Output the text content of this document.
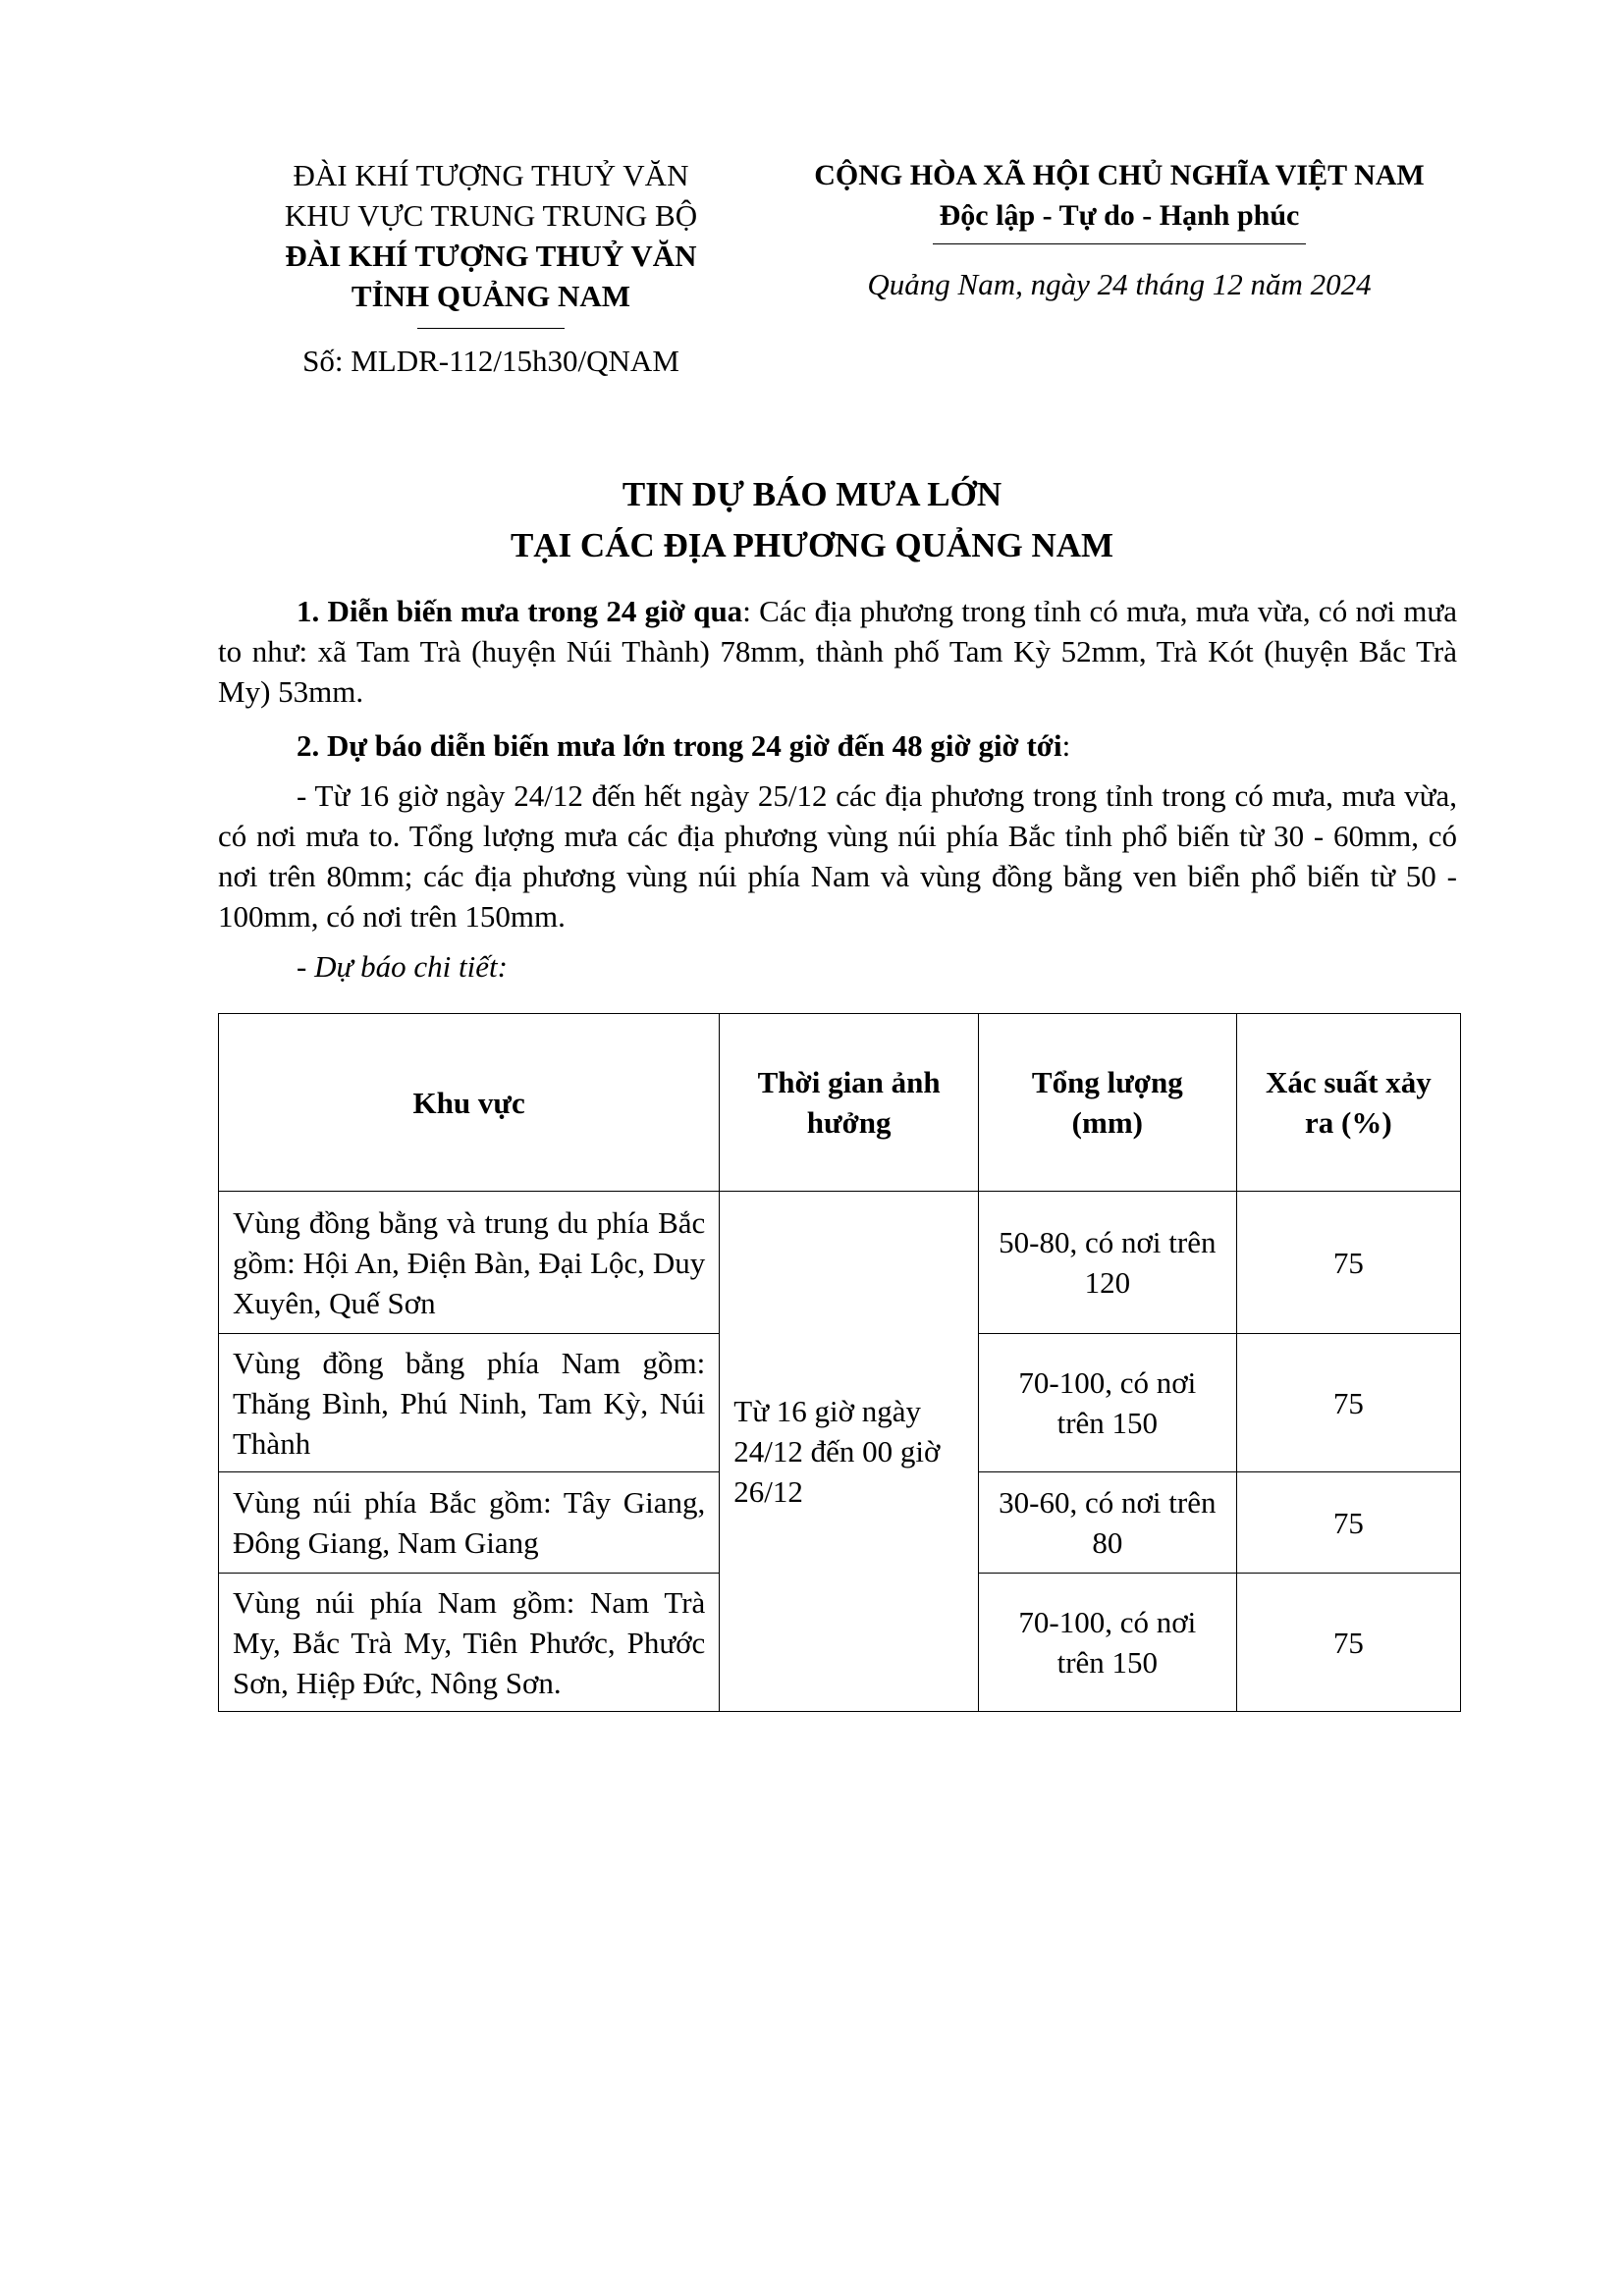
ĐÀI KHÍ TƯỢNG THUỶ VĂN
KHU VỰC TRUNG TRUNG BỘ
ĐÀI KHÍ TƯỢNG THUỶ VĂN
TỈNH QUẢNG NAM
Số: MLDR-112/15h30/QNAM
CỘNG HÒA XÃ HỘI CHỦ NGHĨA VIỆT NAM
Độc lập - Tự do - Hạnh phúc
Quảng Nam, ngày 24 tháng 12 năm 2024
TIN DỰ BÁO MƯA LỚN
TẠI CÁC ĐỊA PHƯƠNG QUẢNG NAM

1. Diễn biến mưa trong 24 giờ qua: Các địa phương trong tỉnh có mưa, mưa vừa, có nơi mưa to như: xã Tam Trà (huyện Núi Thành) 78mm, thành phố Tam Kỳ 52mm, Trà Kót (huyện Bắc Trà My) 53mm.

2. Dự báo diễn biến mưa lớn trong 24 giờ đến 48 giờ giờ tới:

- Từ 16 giờ ngày 24/12 đến hết ngày 25/12 các địa phương trong tỉnh trong có mưa, mưa vừa, có nơi mưa to. Tổng lượng mưa các địa phương vùng núi phía Bắc tỉnh phổ biến từ 30 - 60mm, có nơi trên 80mm; các địa phương vùng núi phía Nam và vùng đồng bằng ven biển phổ biến từ 50 - 100mm, có nơi trên 150mm.

- Dự báo chi tiết:

Khu vực	Thời gian ảnh hưởng	Tổng lượng (mm)	Xác suất xảy ra (%)
Vùng đồng bằng và trung du phía Bắc gồm: Hội An, Điện Bàn, Đại Lộc, Duy Xuyên, Quế Sơn	Từ 16 giờ ngày 24/12 đến 00 giờ 26/12	50-80, có nơi trên 120	75
Vùng đồng bằng phía Nam gồm: Thăng Bình, Phú Ninh, Tam Kỳ, Núi Thành		70-100, có nơi trên 150	75
Vùng núi phía Bắc gồm: Tây Giang, Đông Giang, Nam Giang		30-60, có nơi trên 80	75
Vùng núi phía Nam gồm: Nam Trà My, Bắc Trà My, Tiên Phước, Phước Sơn, Hiệp Đức, Nông Sơn.		70-100, có nơi trên 150	75
